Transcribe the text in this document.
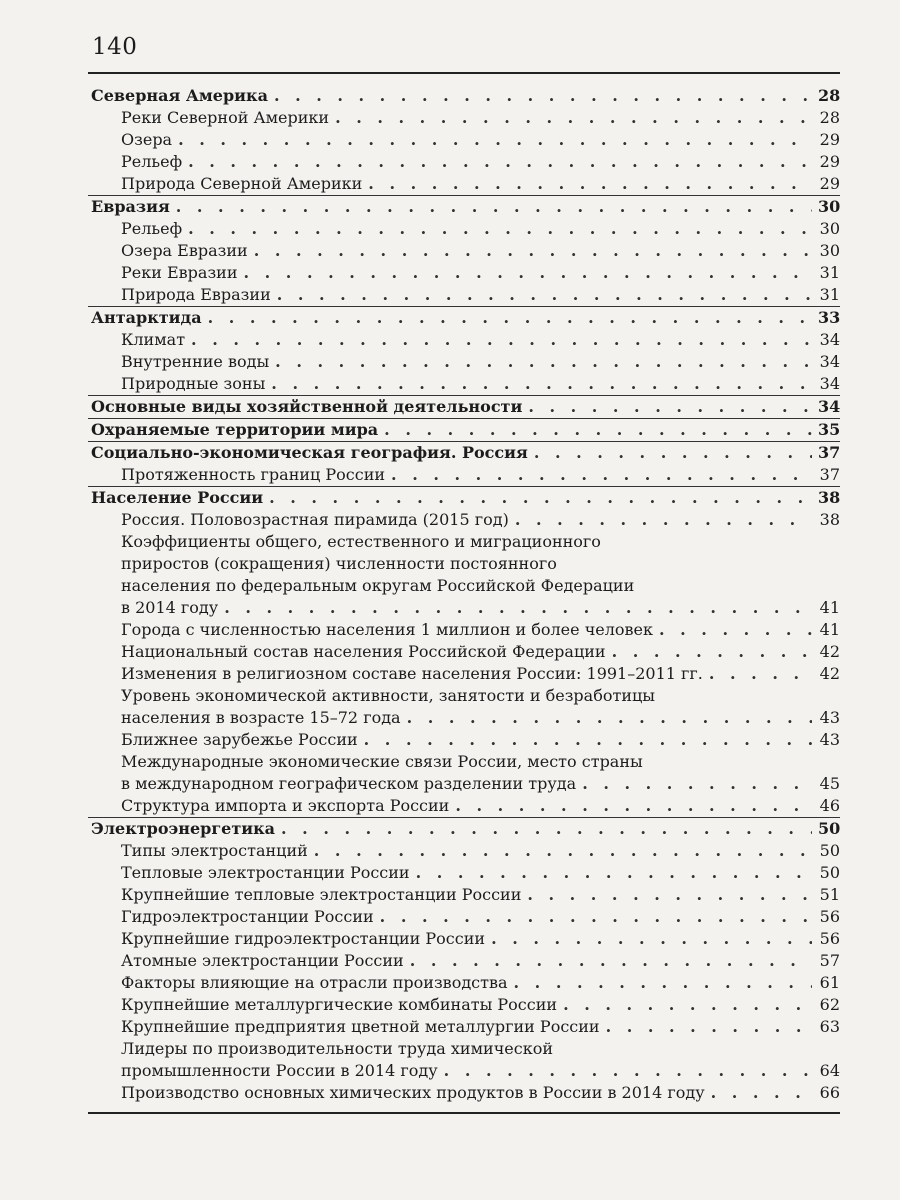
140
Северная Америка . . .	28
Реки Северной Америки . . .	28
Озера . . .	29
Рельеф . . .	29
Природа Северной Америки . . .	29
Евразия . . .	30
Рельеф . . .	30
Озера Евразии . . .	30
Реки Евразии . . .	31
Природа Евразии . . .	31
Антарктида . . .	33
Климат . . .	34
Внутренние воды . . .	34
Природные зоны . . .	34
Основные виды хозяйственной деятельности . . .	34
Охраняемые территории мира . . .	35
Социально-экономическая география. Россия . . .	37
Протяженность границ России . . .	37
Население России . . .	38
Россия. Половозрастная пирамида (2015 год) . . .	38
Коэффициенты общего, естественного и миграционного
приростов (сокращения) численности постоянного
населения по федеральным округам Российской Федерации
в 2014 году . . .	41
Города с численностью населения 1 миллион и более человек . . .	41
Национальный состав населения Российской Федерации . . .	42
Изменения в религиозном составе населения России: 1991–2011 гг. . . .	42
Уровень экономической активности, занятости и безработицы
населения в возрасте 15–72 года . . .	43
Ближнее зарубежье России . . .	43
Международные экономические связи России, место страны
в международном географическом разделении труда . . .	45
Структура импорта и экспорта России . . .	46
Электроэнергетика . . .	50
Типы электростанций . . .	50
Тепловые электростанции России . . .	50
Крупнейшие тепловые электростанции России . . .	51
Гидроэлектростанции России . . .	56
Крупнейшие гидроэлектростанции России . . .	56
Атомные электростанции России . . .	57
Факторы влияющие на отрасли производства . . .	61
Крупнейшие металлургические комбинаты России . . .	62
Крупнейшие предприятия цветной металлургии России . . .	63
Лидеры по производительности труда химической
промышленности России в 2014 году . . .	64
Производство основных химических продуктов в России в 2014 году . . .	66
